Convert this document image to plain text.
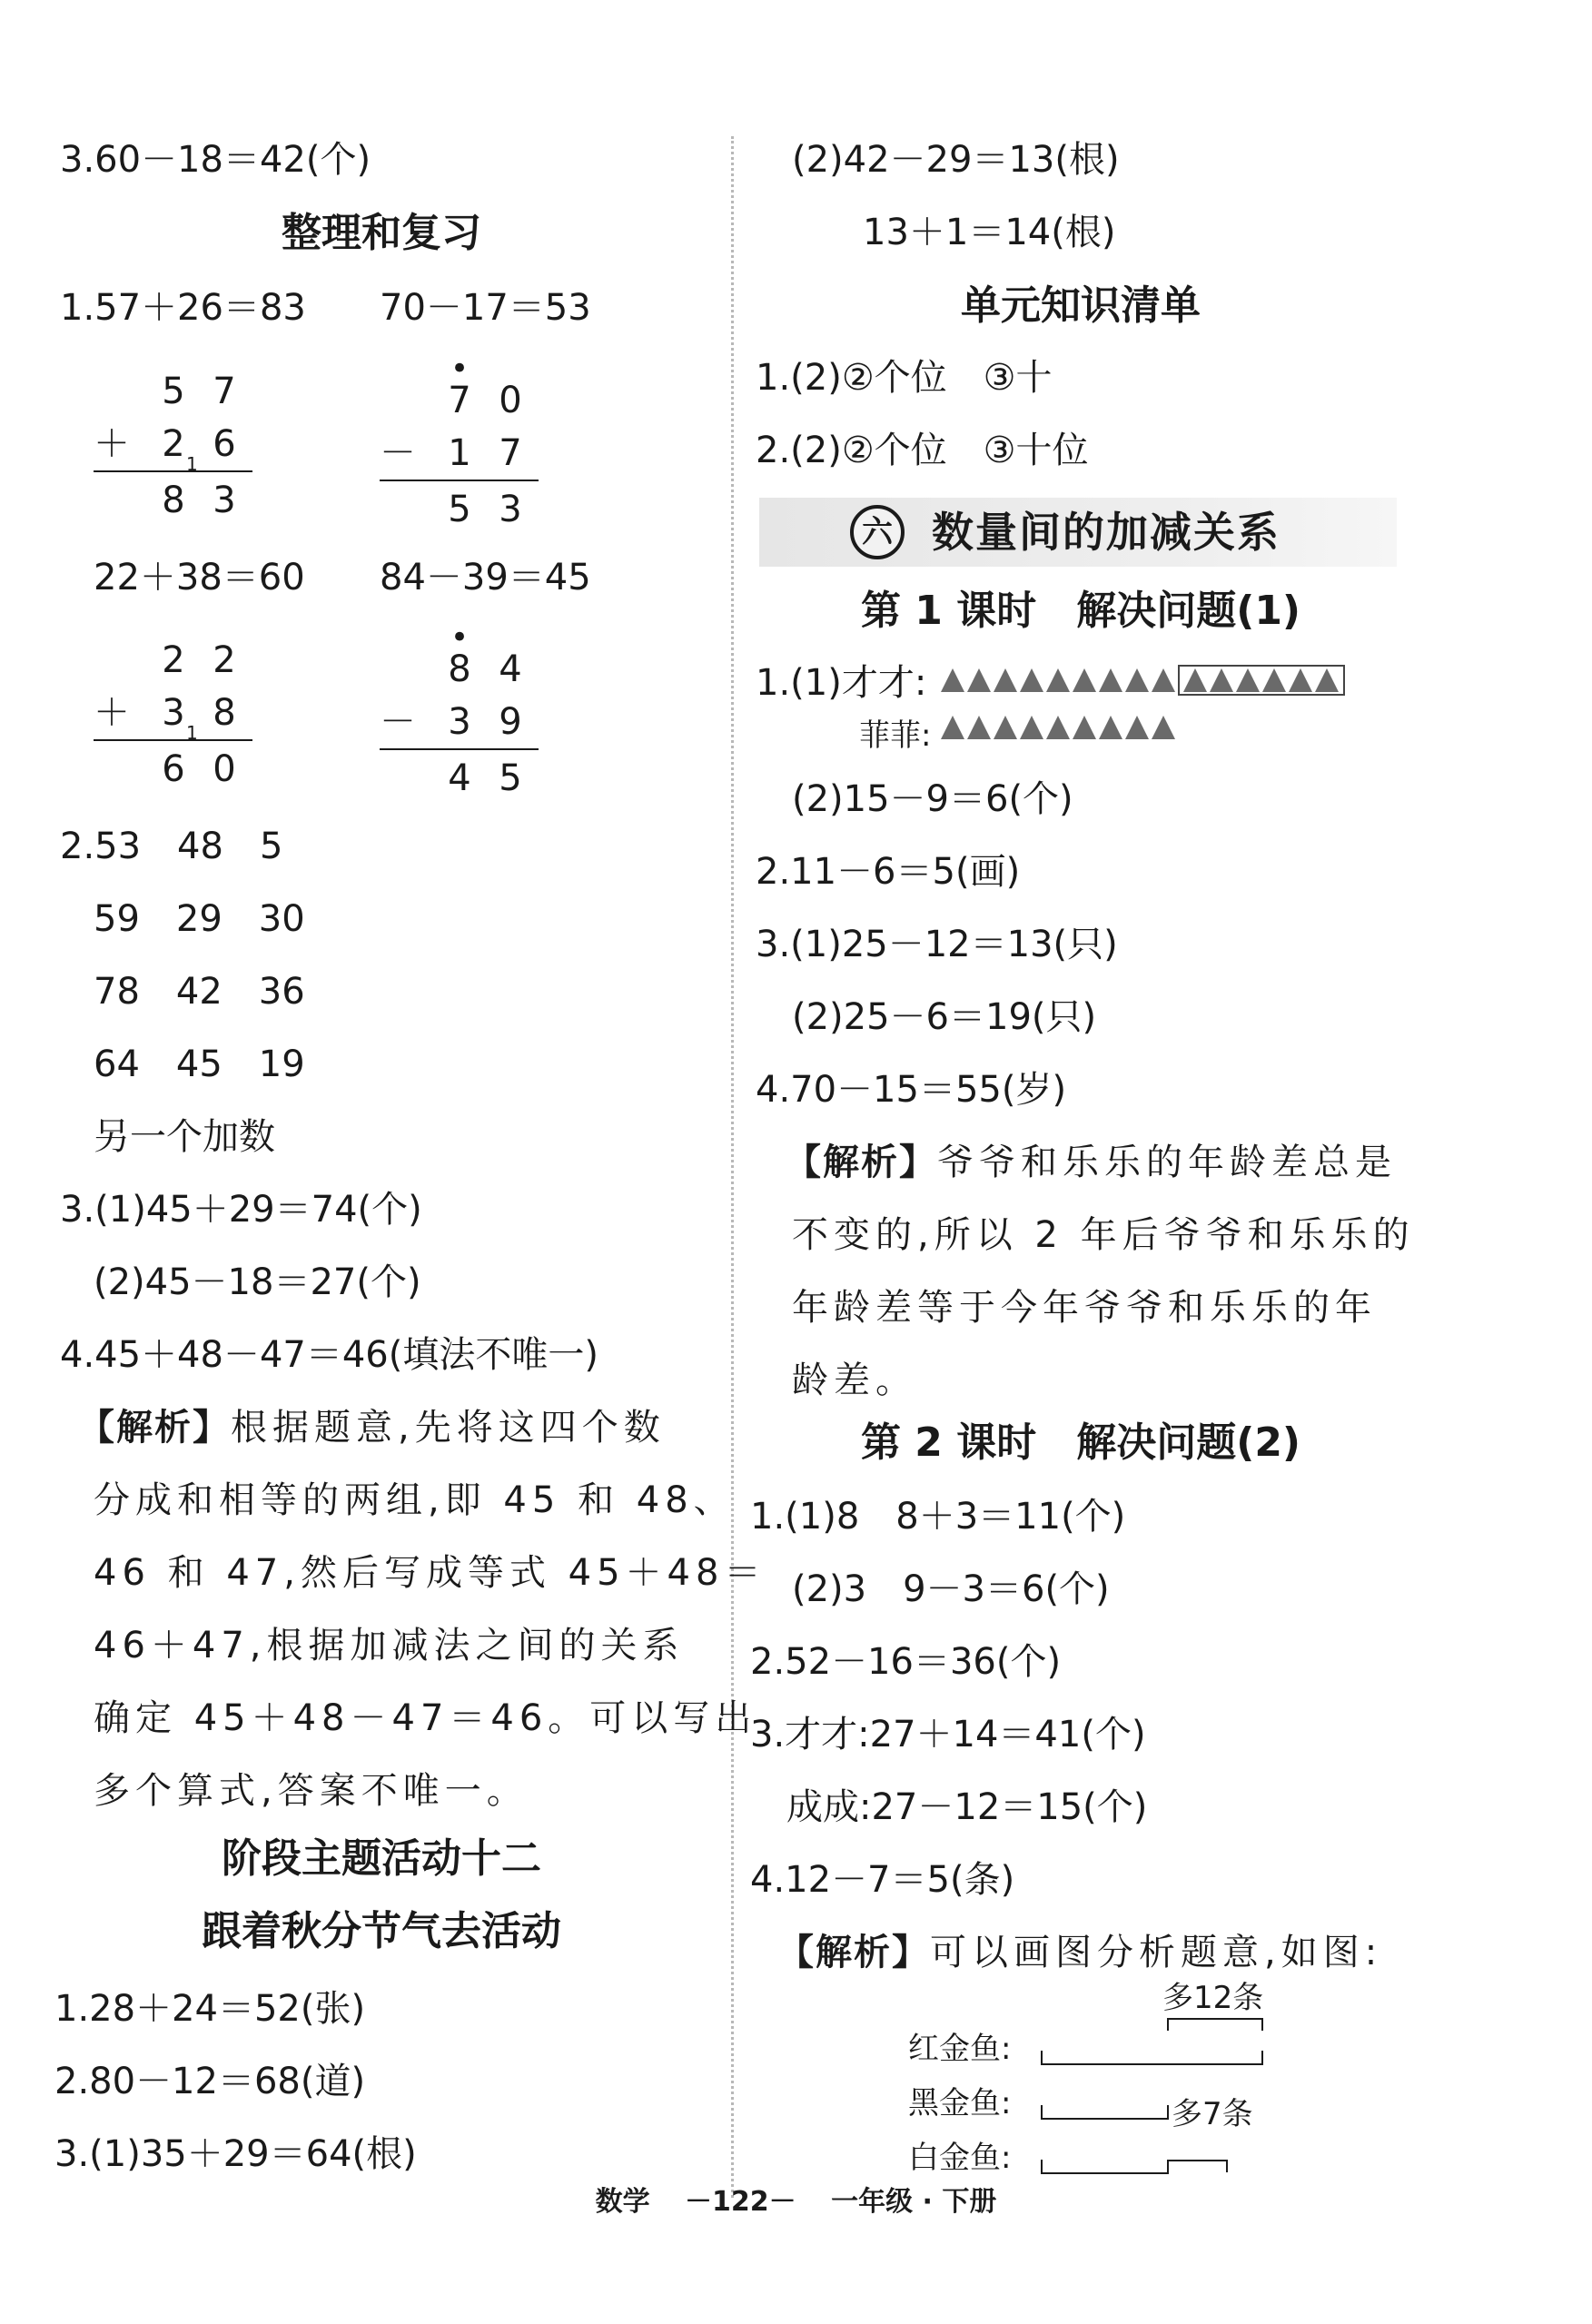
3.60－18＝42(个)
整理和复习
1.57＋26＝83 70－17＝53
5 7
＋ 2 1 6
8 3
•
7 0
－ 1 7
5 3
22＋38＝60 84－39＝45
2 2
＋ 3 1 8
6 0
•
8 4
－ 3 9
4 5
2.53　48　5
59　29　30
78　42　36
64　45　19
另一个加数
3.(1)45＋29＝74(个)
(2)45－18＝27(个)
4.45＋48－47＝46(填法不唯一)
【解析】根据题意,先将这四个数
分成和相等的两组,即 45 和 48、
46 和 47,然后写成等式 45＋48＝
46＋47,根据加减法之间的关系
确定 45＋48－47＝46。可以写出
多个算式,答案不唯一。
阶段主题活动十二
跟着秋分节气去活动
1.28＋24＝52(张)
2.80－12＝68(道)
3.(1)35＋29＝64(根)
(2)42－29＝13(根)
13＋1＝14(根)
单元知识清单
1.(2)②个位　③十
2.(2)②个位　③十位
六 数量间的加减关系
第 1 课时　解决问题(1)
1.(1)才才:
菲菲:
(2)15－9＝6(个)
2.11－6＝5(画)
3.(1)25－12＝13(只)
(2)25－6＝19(只)
4.70－15＝55(岁)
【解析】爷爷和乐乐的年龄差总是
不变的,所以 2 年后爷爷和乐乐的
年龄差等于今年爷爷和乐乐的年
龄差。
第 2 课时　解决问题(2)
1.(1)8　8＋3＝11(个)
(2)3　9－3＝6(个)
2.52－16＝36(个)
3.才才:27＋14＝41(个)
成成:27－12＝15(个)
4.12－7＝5(条)
【解析】可以画图分析题意,如图:
多12条
红金鱼:
黑金鱼:	多7条
白金鱼:
数学 －122－ 一年级 · 下册
